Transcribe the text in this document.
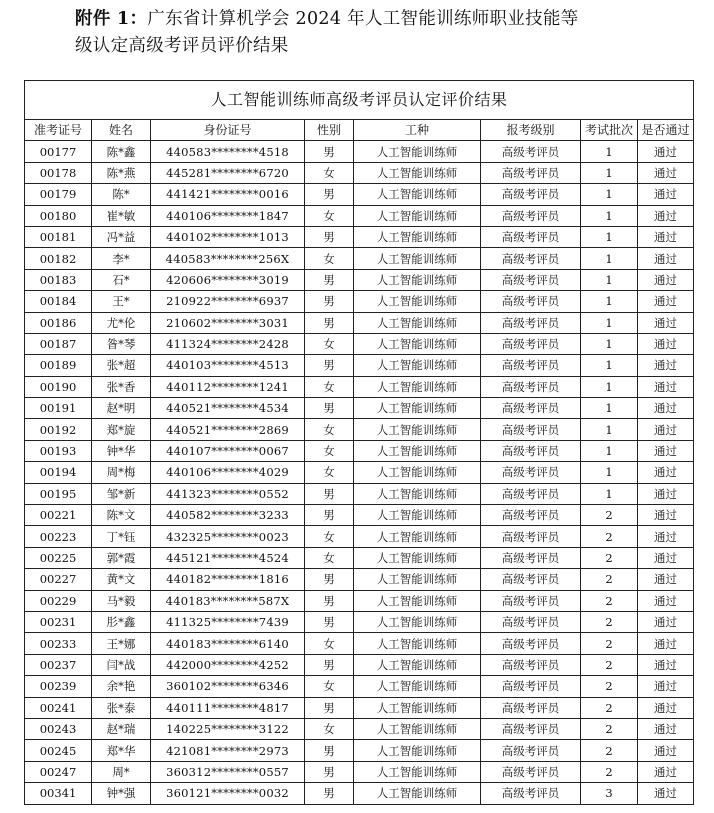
附件 1：广东省计算机学会 2024 年人工智能训练师职业技能等
级认定高级考评员评价结果
人工智能训练师高级考评员认定评价结果							
准考证号	姓名	身份证号	性别	工种	报考级别	考试批次	是否通过
00177	陈*鑫	440583********4518	男	人工智能训练师	高级考评员	1	通过
00178	陈*燕	445281********6720	女	人工智能训练师	高级考评员	1	通过
00179	陈*	441421********0016	男	人工智能训练师	高级考评员	1	通过
00180	崔*敏	440106********1847	女	人工智能训练师	高级考评员	1	通过
00181	冯*益	440102********1013	男	人工智能训练师	高级考评员	1	通过
00182	李*	440583********256X	女	人工智能训练师	高级考评员	1	通过
00183	石*	420606********3019	男	人工智能训练师	高级考评员	1	通过
00184	王*	210922********6937	男	人工智能训练师	高级考评员	1	通过
00186	尤*伦	210602********3031	男	人工智能训练师	高级考评员	1	通过
00187	昝*琴	411324********2428	女	人工智能训练师	高级考评员	1	通过
00189	张*超	440103********4513	男	人工智能训练师	高级考评员	1	通过
00190	张*香	440112********1241	女	人工智能训练师	高级考评员	1	通过
00191	赵*明	440521********4534	男	人工智能训练师	高级考评员	1	通过
00192	郑*旋	440521********2869	女	人工智能训练师	高级考评员	1	通过
00193	钟*华	440107********0067	女	人工智能训练师	高级考评员	1	通过
00194	周*梅	440106********4029	女	人工智能训练师	高级考评员	1	通过
00195	邹*新	441323********0552	男	人工智能训练师	高级考评员	1	通过
00221	陈*文	440582********3233	男	人工智能训练师	高级考评员	2	通过
00223	丁*钰	432325********0023	女	人工智能训练师	高级考评员	2	通过
00225	郭*霞	445121********4524	女	人工智能训练师	高级考评员	2	通过
00227	黄*文	440182********1816	男	人工智能训练师	高级考评员	2	通过
00229	马*毅	440183********587X	男	人工智能训练师	高级考评员	2	通过
00231	肜*鑫	411325********7439	男	人工智能训练师	高级考评员	2	通过
00233	王*娜	440183********6140	女	人工智能训练师	高级考评员	2	通过
00237	闫*战	442000********4252	男	人工智能训练师	高级考评员	2	通过
00239	余*艳	360102********6346	女	人工智能训练师	高级考评员	2	通过
00241	张*泰	440111********4817	男	人工智能训练师	高级考评员	2	通过
00243	赵*瑞	140225********3122	女	人工智能训练师	高级考评员	2	通过
00245	郑*华	421081********2973	男	人工智能训练师	高级考评员	2	通过
00247	周*	360312********0557	男	人工智能训练师	高级考评员	2	通过
00341	钟*强	360121********0032	男	人工智能训练师	高级考评员	3	通过
